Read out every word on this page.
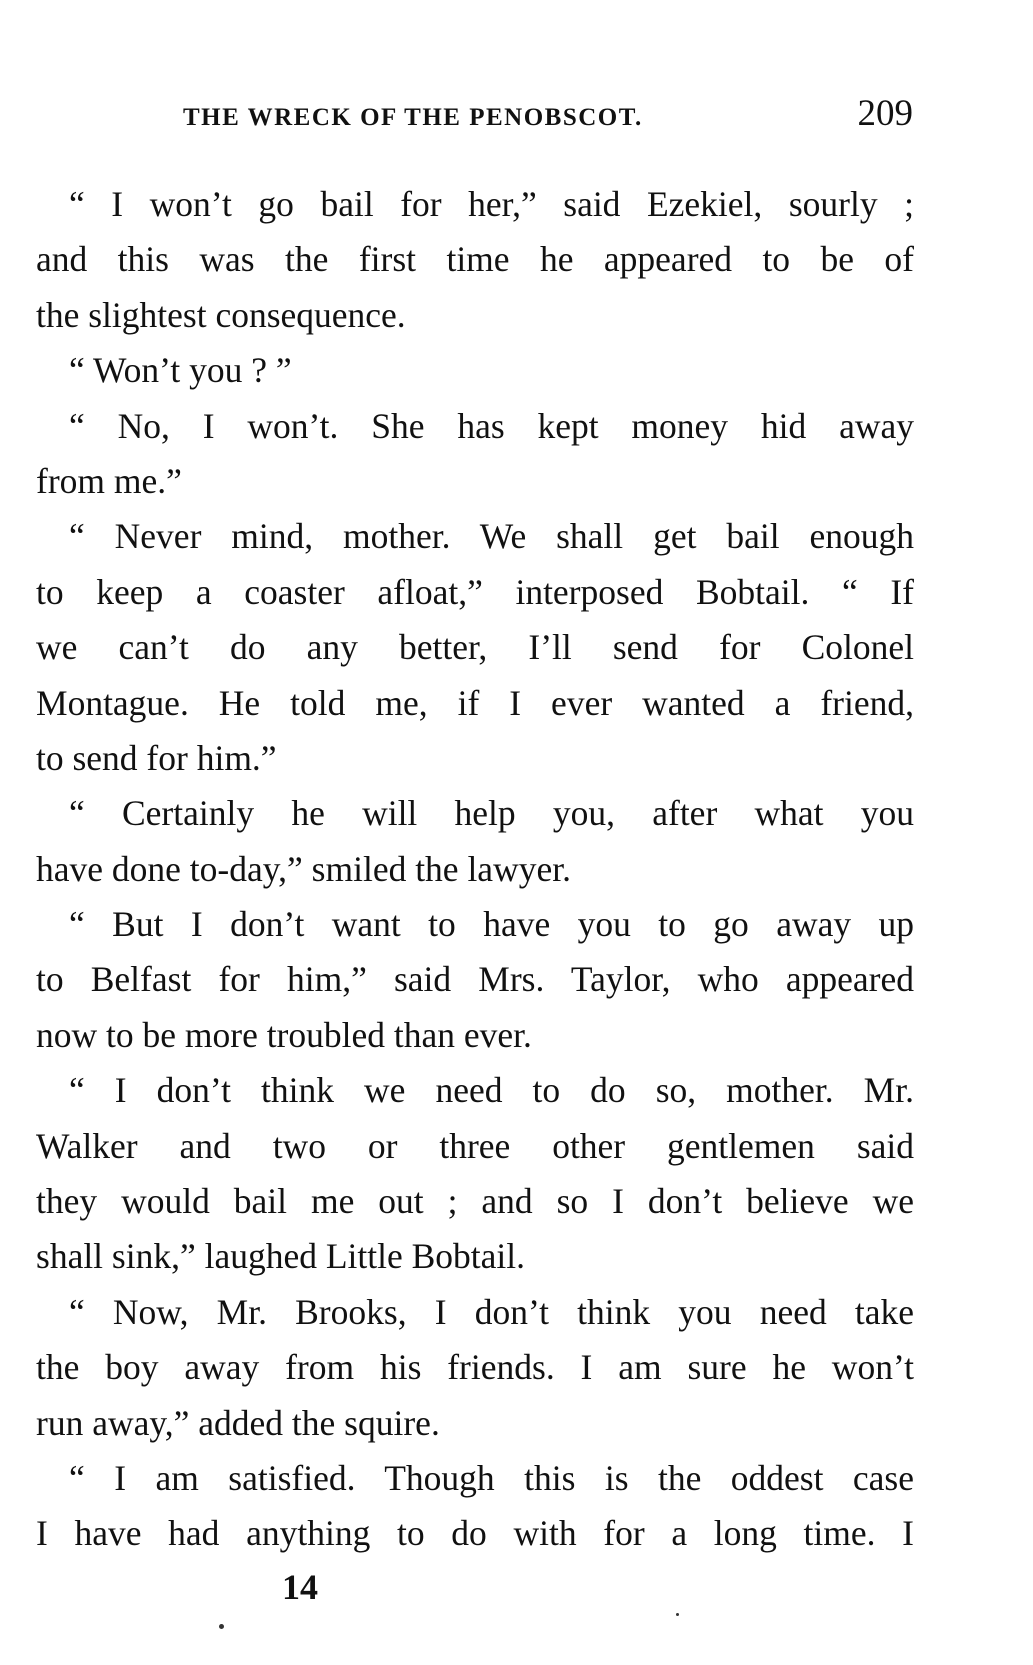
THE WRECK OF THE PENOBSCOT.	209
“ I won’t go bail for her,” said Ezekiel, sourly ;
and this was the first time he appeared to be of
the slightest consequence.
“ Won’t you ? ”
“ No, I won’t. She has kept money hid away
from me.”
“ Never mind, mother. We shall get bail enough
to keep a coaster afloat,” interposed Bobtail. “ If
we can’t do any better, I’ll send for Colonel
Montague. He told me, if I ever wanted a friend,
to send for him.”
“ Certainly he will help you, after what you
have done to-day,” smiled the lawyer.
“ But I don’t want to have you to go away up
to Belfast for him,” said Mrs. Taylor, who appeared
now to be more troubled than ever.
“ I don’t think we need to do so, mother. Mr.
Walker and two or three other gentlemen said
they would bail me out ; and so I don’t believe we
shall sink,” laughed Little Bobtail.
“ Now, Mr. Brooks, I don’t think you need take
the boy away from his friends. I am sure he won’t
run away,” added the squire.
“ I am satisfied. Though this is the oddest case
I have had anything to do with for a long time. I
14
